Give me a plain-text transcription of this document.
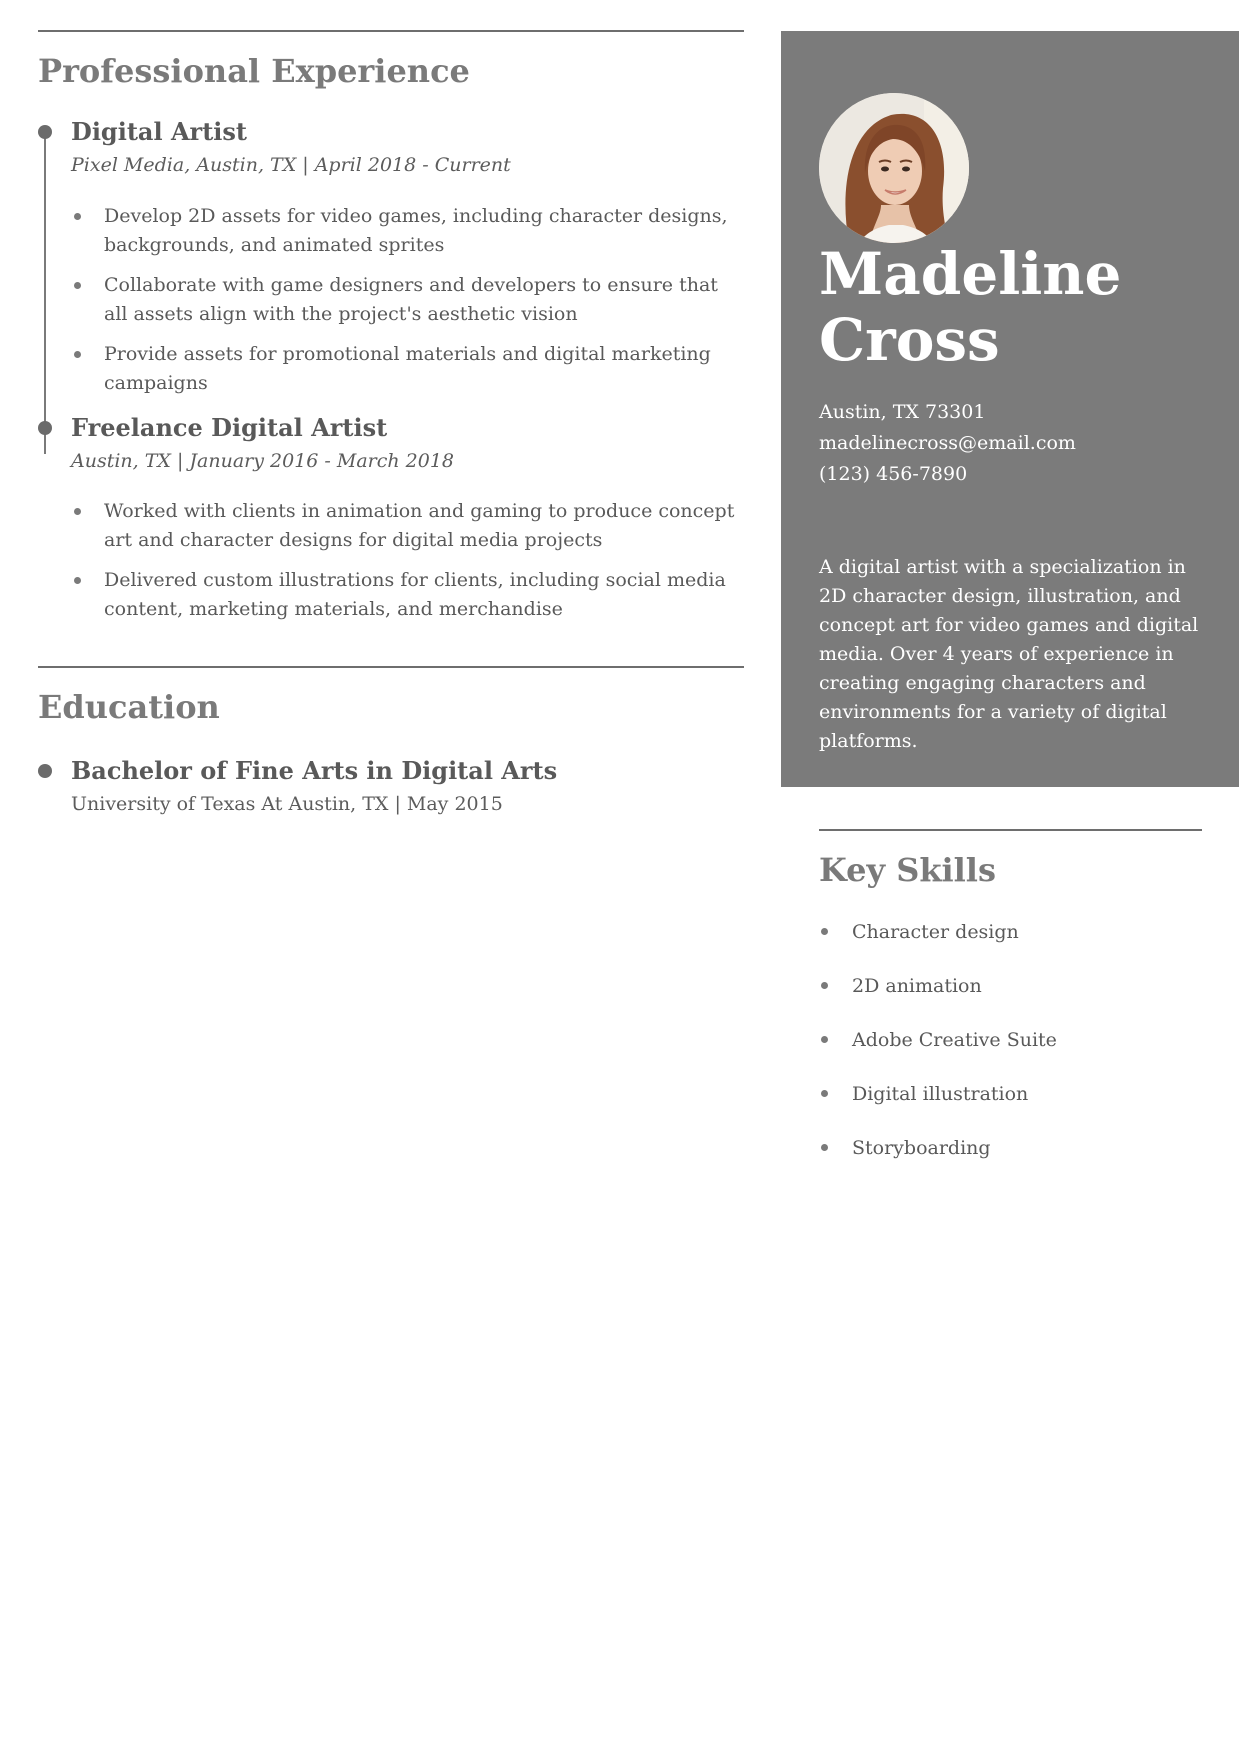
Professional Experience
Digital Artist

Pixel Media, Austin, TX | April 2018 - Current

Develop 2D assets for video games, including character designs, backgrounds, and animated sprites
Collaborate with game designers and developers to ensure that all assets align with the project's aesthetic vision
Provide assets for promotional materials and digital marketing campaigns
Freelance Digital Artist

Austin, TX | January 2016 - March 2018

Worked with clients in animation and gaming to produce concept art and character designs for digital media projects
Delivered custom illustrations for clients, including social media content, marketing materials, and merchandise
Education
Bachelor of Fine Arts in Digital Arts

University of Texas At Austin, TX | May 2015

Madeline
Cross
Austin, TX 73301
madelinecross@email.com
(123) 456-7890

A digital artist with a specialization in 2D character design, illustration, and concept art for video games and digital media. Over 4 years of experience in creating engaging characters and environments for a variety of digital platforms.

Key Skills
Character design
2D animation
Adobe Creative Suite
Digital illustration
Storyboarding
